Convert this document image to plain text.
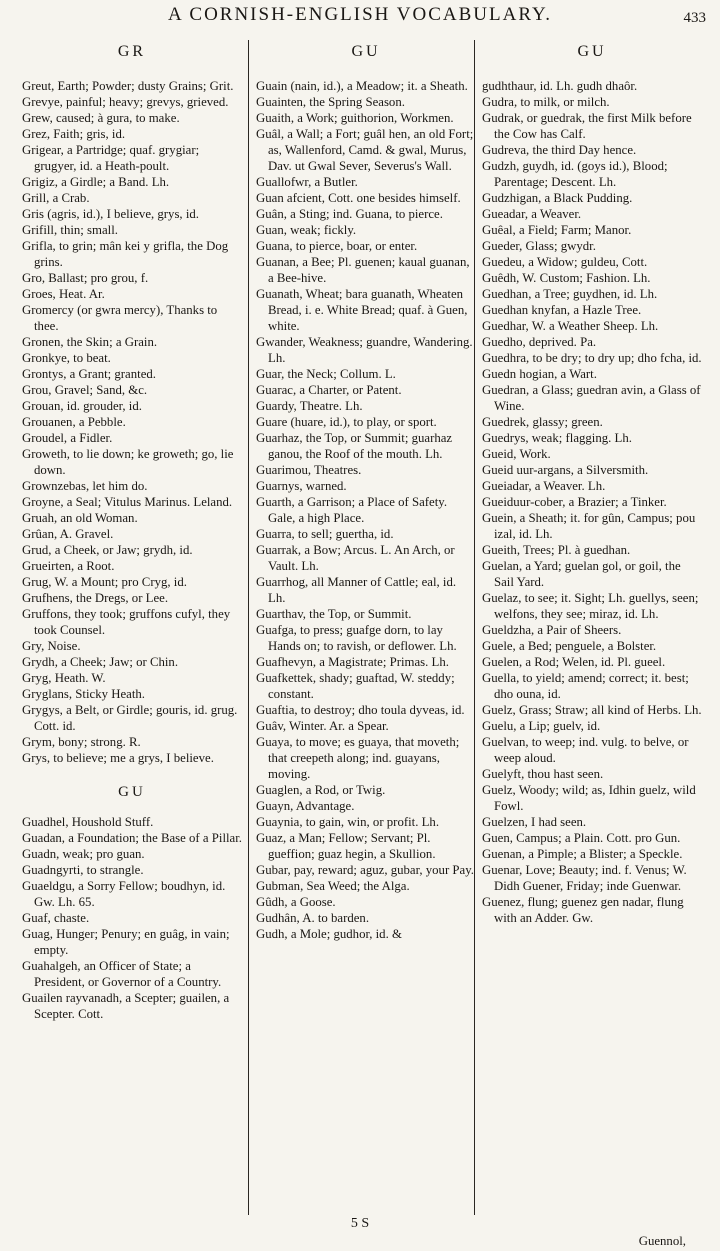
A CORNISH-ENGLISH VOCABULARY.	433
GR

Greut, Earth; Powder; dusty Grains; Grit.

Grevye, painful; heavy; grevys, grieved.

Grew, caused; à gura, to make.

Grez, Faith; gris, id.

Grigear, a Partridge; quaf. grygiar; grugyer, id. a Heath-poult.

Grigiz, a Girdle; a Band. Lh.

Grill, a Crab.

Gris (agris, id.), I believe, grys, id.

Grifill, thin; small.

Grifla, to grin; mân kei y grifla, the Dog grins.

Gro, Ballast; pro grou, f.

Groes, Heat. Ar.

Gromercy (or gwra mercy), Thanks to thee.

Gronen, the Skin; a Grain.

Gronkye, to beat.

Grontys, a Grant; granted.

Grou, Gravel; Sand, &c.

Grouan, id. grouder, id.

Grouanen, a Pebble.

Groudel, a Fidler.

Groweth, to lie down; ke groweth; go, lie down.

Grownzebas, let him do.

Groyne, a Seal; Vitulus Marinus. Leland.

Gruah, an old Woman.

Grûan, A. Gravel.

Grud, a Cheek, or Jaw; grydh, id.

Grueirten, a Root.

Grug, W. a Mount; pro Cryg, id.

Grufhens, the Dregs, or Lee.

Gruffons, they took; gruffons cufyl, they took Counsel.

Gry, Noise.

Grydh, a Cheek; Jaw; or Chin.

Gryg, Heath. W.

Gryglans, Sticky Heath.

Grygys, a Belt, or Girdle; gouris, id. grug. Cott. id.

Grym, bony; strong. R.

Grys, to believe; me a grys, I believe.

GU

Guadhel, Houshold Stuff.

Guadan, a Foundation; the Base of a Pillar.

Guadn, weak; pro guan.

Guadngyrti, to strangle.

Guaeldgu, a Sorry Fellow; boudhyn, id. Gw. Lh. 65.

Guaf, chaste.

Guag, Hunger; Penury; en guâg, in vain; empty.

Guahalgeh, an Officer of State; a President, or Governor of a Country.

Guailen rayvanadh, a Scepter; guailen, a Scepter. Cott.

GU

Guain (nain, id.), a Meadow; it. a Sheath.

Guainten, the Spring Season.

Guaith, a Work; guithorion, Workmen.

Guâl, a Wall; a Fort; guâl hen, an old Fort; as, Wallenford, Camd. & gwal, Murus, Dav. ut Gwal Sever, Severus's Wall.

Guallofwr, a Butler.

Guan afcient, Cott. one besides himself.

Guân, a Sting; ind. Guana, to pierce.

Guan, weak; fickly.

Guana, to pierce, boar, or enter.

Guanan, a Bee; Pl. guenen; kaual guanan, a Bee-hive.

Guanath, Wheat; bara guanath, Wheaten Bread, i. e. White Bread; quaf. à Guen, white.

Gwander, Weakness; guandre, Wandering. Lh.

Guar, the Neck; Collum. L.

Guarac, a Charter, or Patent.

Guardy, Theatre. Lh.

Guare (huare, id.), to play, or sport.

Guarhaz, the Top, or Summit; guarhaz ganou, the Roof of the mouth. Lh.

Guarimou, Theatres.

Guarnys, warned.

Guarth, a Garrison; a Place of Safety. Gale, a high Place.

Guarra, to sell; guertha, id.

Guarrak, a Bow; Arcus. L. An Arch, or Vault. Lh.

Guarrhog, all Manner of Cattle; eal, id. Lh.

Guarthav, the Top, or Summit.

Guafga, to press; guafge dorn, to lay Hands on; to ravish, or deflower. Lh.

Guafhevyn, a Magistrate; Primas. Lh.

Guafkettek, shady; guaftad, W. steddy; constant.

Guaftia, to destroy; dho toula dyveas, id.

Guâv, Winter. Ar. a Spear.

Guaya, to move; es guaya, that moveth; that creepeth along; ind. guayans, moving.

Guaglen, a Rod, or Twig.

Guayn, Advantage.

Guaynia, to gain, win, or profit. Lh.

Guaz, a Man; Fellow; Servant; Pl. gueffion; guaz hegin, a Skullion.

Gubar, pay, reward; aguz, gubar, your Pay.

Gubman, Sea Weed; the Alga.

Gûdh, a Goose.

Gudhân, A. to barden.

Gudh, a Mole; gudhor, id. &

GU

gudhthaur, id. Lh. gudh dhaôr.

Gudra, to milk, or milch.

Gudrak, or guedrak, the first Milk before the Cow has Calf.

Gudreva, the third Day hence.

Gudzh, guydh, id. (goys id.), Blood; Parentage; Descent. Lh.

Gudzhigan, a Black Pudding.

Gueadar, a Weaver.

Guêal, a Field; Farm; Manor.

Gueder, Glass; gwydr.

Guedeu, a Widow; guldeu, Cott.

Guêdh, W. Custom; Fashion. Lh.

Guedhan, a Tree; guydhen, id. Lh.

Guedhan knyfan, a Hazle Tree.

Guedhar, W. a Weather Sheep. Lh.

Guedho, deprived. Pa.

Guedhra, to be dry; to dry up; dho fcha, id.

Guedn hogian, a Wart.

Guedran, a Glass; guedran avin, a Glass of Wine.

Guedrek, glassy; green.

Guedrys, weak; flagging. Lh.

Gueid, Work.

Gueid uur-argans, a Silversmith.

Gueiadar, a Weaver. Lh.

Gueiduur-cober, a Brazier; a Tinker.

Guein, a Sheath; it. for gûn, Campus; pou izal, id. Lh.

Gueith, Trees; Pl. à guedhan.

Guelan, a Yard; guelan gol, or goil, the Sail Yard.

Guelaz, to see; it. Sight; Lh. guellys, seen; welfons, they see; miraz, id. Lh.

Gueldzha, a Pair of Sheers.

Guele, a Bed; penguele, a Bolster.

Guelen, a Rod; Welen, id. Pl. gueel.

Guella, to yield; amend; correct; it. best; dho ouna, id.

Guelz, Grass; Straw; all kind of Herbs. Lh.

Guelu, a Lip; guelv, id.

Guelvan, to weep; ind. vulg. to belve, or weep aloud.

Guelyft, thou hast seen.

Guelz, Woody; wild; as, Idhin guelz, wild Fowl.

Guelzen, I had seen.

Guen, Campus; a Plain. Cott. pro Gun.

Guenan, a Pimple; a Blister; a Speckle.

Guenar, Love; Beauty; ind. f. Venus; W. Didh Guener, Friday; inde Guenwar.

Guenez, flung; guenez gen nadar, flung with an Adder. Gw.

5 S
Guennol,
